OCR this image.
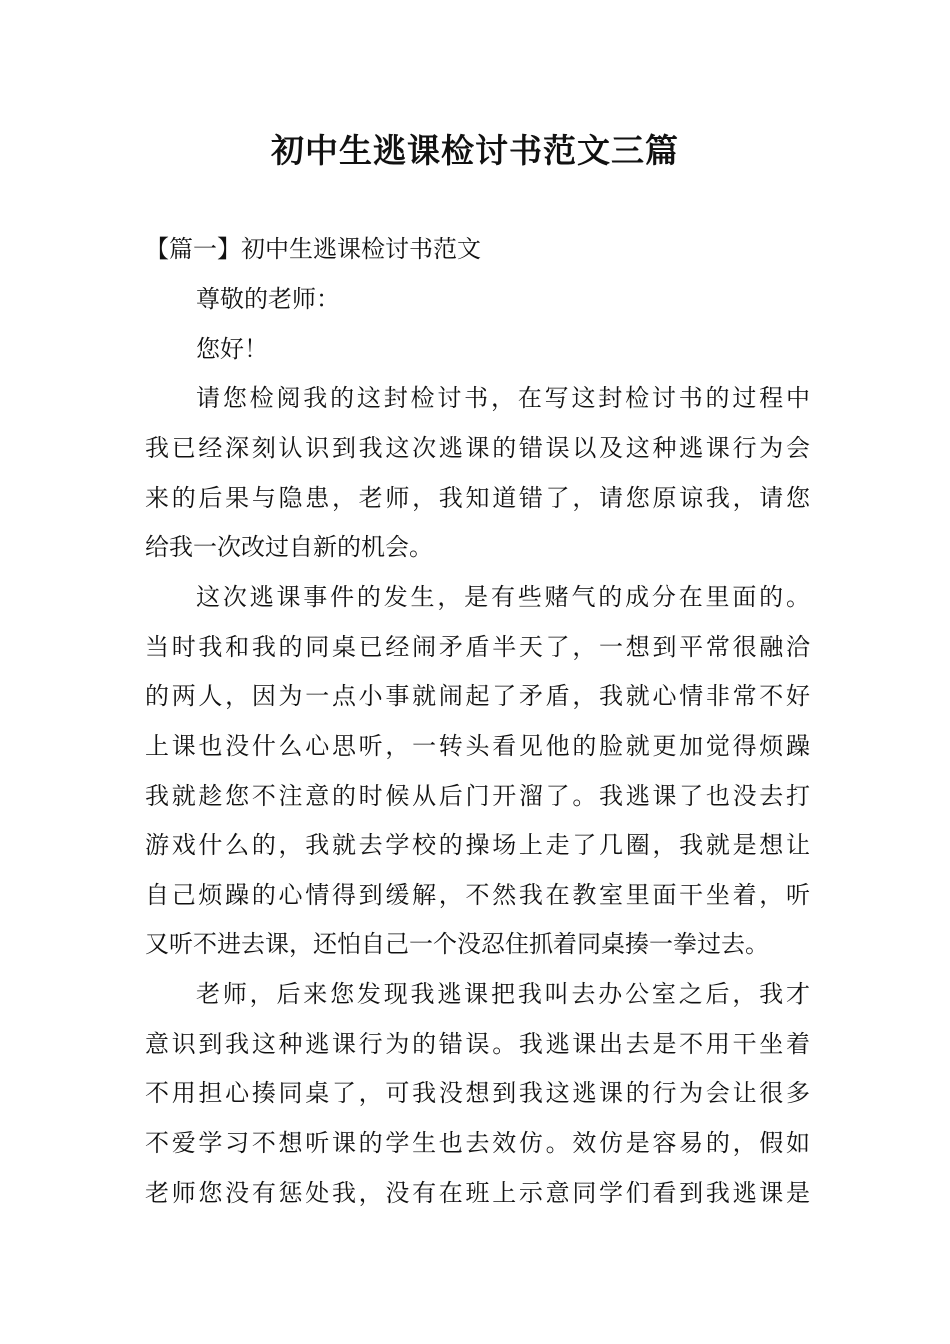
初中生逃课检讨书范文三篇
【篇一】初中生逃课检讨书范文
尊敬的老师：
您好！
请您检阅我的这封检讨书，在写这封检讨书的过程中
我已经深刻认识到我这次逃课的错误以及这种逃课行为会
来的后果与隐患，老师，我知道错了，请您原谅我，请您
给我一次改过自新的机会。
这次逃课事件的发生，是有些赌气的成分在里面的。
当时我和我的同桌已经闹矛盾半天了，一想到平常很融洽
的两人，因为一点小事就闹起了矛盾，我就心情非常不好
上课也没什么心思听，一转头看见他的脸就更加觉得烦躁
我就趁您不注意的时候从后门开溜了。我逃课了也没去打
游戏什么的，我就去学校的操场上走了几圈，我就是想让
自己烦躁的心情得到缓解，不然我在教室里面干坐着，听
又听不进去课，还怕自己一个没忍住抓着同桌揍一拳过去。
老师，后来您发现我逃课把我叫去办公室之后，我才
意识到我这种逃课行为的错误。我逃课出去是不用干坐着
不用担心揍同桌了，可我没想到我这逃课的行为会让很多
不爱学习不想听课的学生也去效仿。效仿是容易的，假如
老师您没有惩处我，没有在班上示意同学们看到我逃课是
